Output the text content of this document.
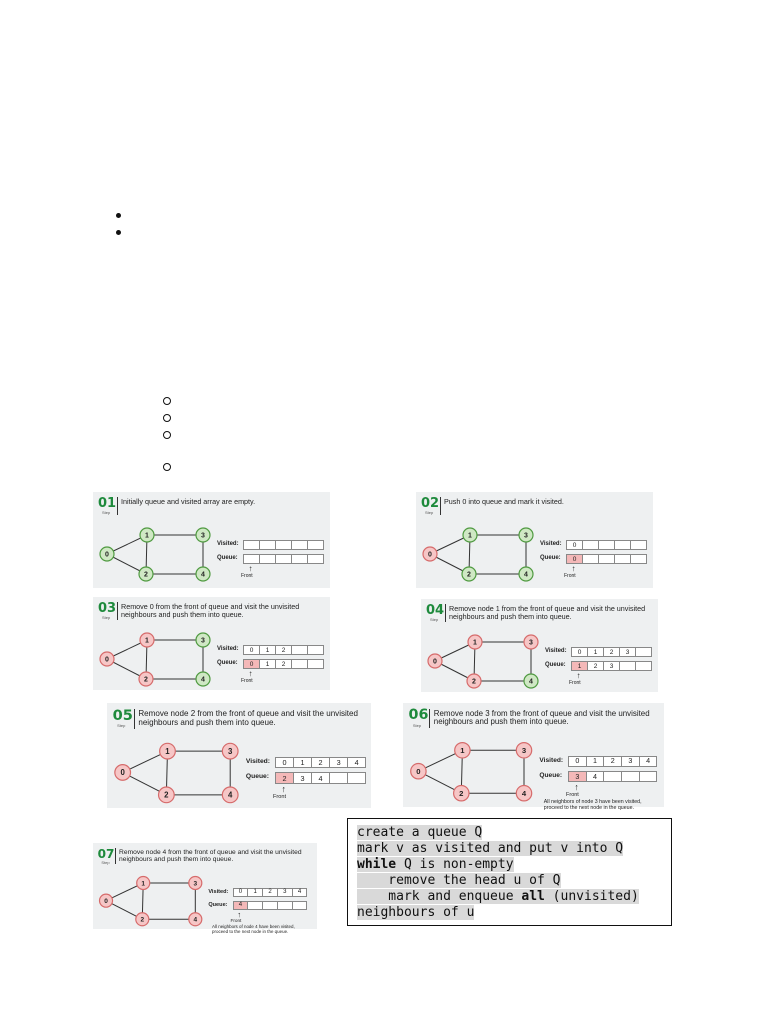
01
Step
Initially queue and visited array are empty.
0
1
2
3
4
Visited:
Queue:
↑
Front
02
Step
Push 0 into queue and mark it visited.
0
1
2
3
4
Visited:
Queue:
0
0
↑
Front
03
Step
Remove 0 from the front of queue and visit the unvisited neighbours and push them into queue.
0
1
2
3
4
Visited:
Queue:
0	1	2
0	1	2
↑
Front
04
Step
Remove node 1 from the front of queue and visit the unvisited neighbours and push them into queue.
0
1
2
3
4
Visited:
Queue:
0	1	2	3
1	2	3
↑
Front
05
Step
Remove node 2 from the front of queue and visit the unvisited neighbours and push them into queue.
0
1
2
3
4
Visited:
Queue:
0	1	2	3	4
2	3	4
↑
Front
06
Step
Remove node 3 from the front of queue and visit the unvisited neighbours and push them into queue.
0
1
2
3
4
Visited:
Queue:
0	1	2	3	4
3	4
↑
Front
All neighbors of node 3 have been visited, proceed to the next node in the queue.
07
Step
Remove node 4 from the front of queue and visit the unvisited neighbours and push them into queue.
0
1
2
3
4
Visited:
Queue:
0	1	2	3	4
4
↑
Front
All neighbors of node 4 have been visited, proceed to the next node in the queue.
create a queue Q
mark v as visited and put v into Q
while Q is non-empty
remove the head u of Q
mark and enqueue all (unvisited)
neighbours of u
